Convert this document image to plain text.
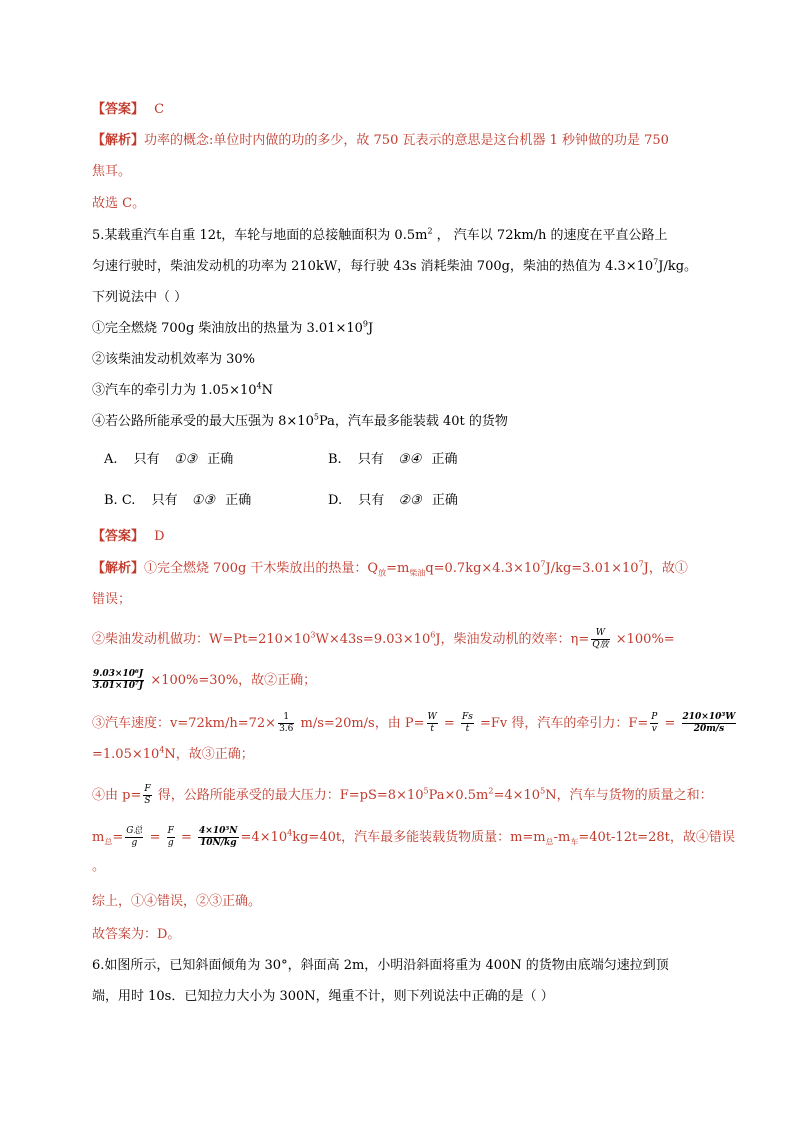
【答案】 C
【解析】功率的概念:单位时内做的功的多少，故 750 瓦表示的意思是这台机器 1 秒钟做的功是 750
焦耳。
故选 C。
5.某载重汽车自重 12t，车轮与地面的总接触面积为 $0.5m^2$ ， 汽车以 72km/h 的速度在平直公路上
匀速行驶时，柴油发动机的功率为 210kW，每行驶 43s 消耗柴油 700g，柴油的热值为 $4.3\times 10^7J/kg$。
下列说法中（ ）
①完全燃烧 700g 柴油放出的热量为 $3.01\times 10^9J$
②该柴油发动机效率为 30%
③汽车的牵引力为 $1.05\times 10^4N$
④若公路所能承受的最大压强为 $8\times 10^5Pa$，汽车最多能装载 40t 的货物
A. 只有 ①③ 正确	B. 只有 ③④ 正确
B. C. 只有 ①③ 正确	D. 只有 ②③ 正确
【答案】 D
【解析】①完全燃烧 700g 干木柴放出的热量：$Q_放=m_{柴油}q=0.7kg\times 4.3\times 10^7J/kg=3.01\times 10^7J$，故①
错误；
②柴油发动机做功：$W=Pt=210\times 10^3W\times 43s=9.03\times 10^6J$，柴油发动机的效率：$\eta= \frac{W}{\text{Q放}} \times 100\%=$
$\frac{\text{9.03×10⁶J}}{\text{3.01×10⁷J}} \times 100\%=30\%$，故②正确；
③汽车速度：$v=72km/h=72\times \frac{1}{3.6} m/s=20m/s$，由 $P= \frac{W}{t} = \frac{Fs}{t} =Fv$ 得，汽车的牵引力：$F= \frac{P}{v} = \frac{\text{210×10³W}}{20m/s}$
$=1.05\times 10^4N$，故③正确；
④由 $p= \frac{F}{S}$ 得，公路所能承受的最大压力：$F=pS=8\times 10^5Pa\times 0.5m^2=4\times 10^5N$，汽车与货物的质量之和：
$m_总= \frac{\text{G总}}{g} = \frac{F}{g} = \frac{\text{4×10⁵N}}{10N/kg} =4\times 10^4kg=40t$，汽车最多能装载货物质量：$m=m_总-m_车=40t-12t=28t$，故④错误
。
综上，①④错误，②③正确。
故答案为：D。
6.如图所示，已知斜面倾角为 30°，斜面高 2m，小明沿斜面将重为 400N 的货物由底端匀速拉到顶
端，用时 10s．已知拉力大小为 300N，绳重不计，则下列说法中正确的是（ ）
